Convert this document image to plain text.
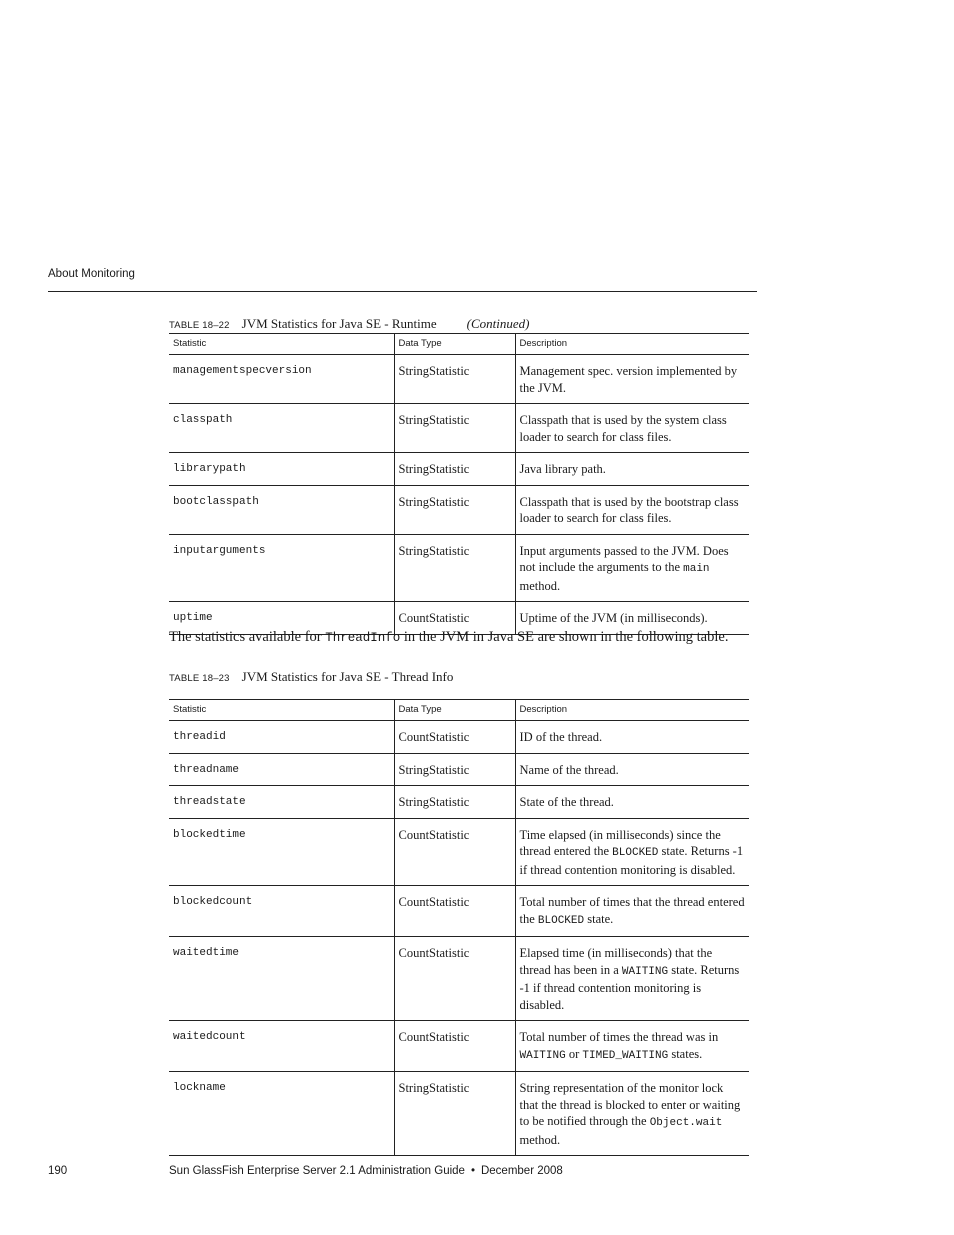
About Monitoring
TABLE 18–22 JVM Statistics for Java SE - Runtime (Continued)
Statistic	Data Type	Description
managementspecversion	StringStatistic	Management spec. version implemented by the JVM.
classpath	StringStatistic	Classpath that is used by the system class loader to search for class files.
librarypath	StringStatistic	Java library path.
bootclasspath	StringStatistic	Classpath that is used by the bootstrap class loader to search for class files.
inputarguments	StringStatistic	Input arguments passed to the JVM. Does not include the arguments to the main method.
uptime	CountStatistic	Uptime of the JVM (in milliseconds).
The statistics available for ThreadInfo in the JVM in Java SE are shown in the following table.
TABLE 18–23 JVM Statistics for Java SE - Thread Info
Statistic	Data Type	Description
threadid	CountStatistic	ID of the thread.
threadname	StringStatistic	Name of the thread.
threadstate	StringStatistic	State of the thread.
blockedtime	CountStatistic	Time elapsed (in milliseconds) since the thread entered the BLOCKED state. Returns -1 if thread contention monitoring is disabled.
blockedcount	CountStatistic	Total number of times that the thread entered the BLOCKED state.
waitedtime	CountStatistic	Elapsed time (in milliseconds) that the thread has been in a WAITING state. Returns -1 if thread contention monitoring is disabled.
waitedcount	CountStatistic	Total number of times the thread was in WAITING or TIMED_WAITING states.
lockname	StringStatistic	String representation of the monitor lock that the thread is blocked to enter or waiting to be notified through the Object.wait method.
190	Sun GlassFish Enterprise Server 2.1 Administration Guide • December 2008
